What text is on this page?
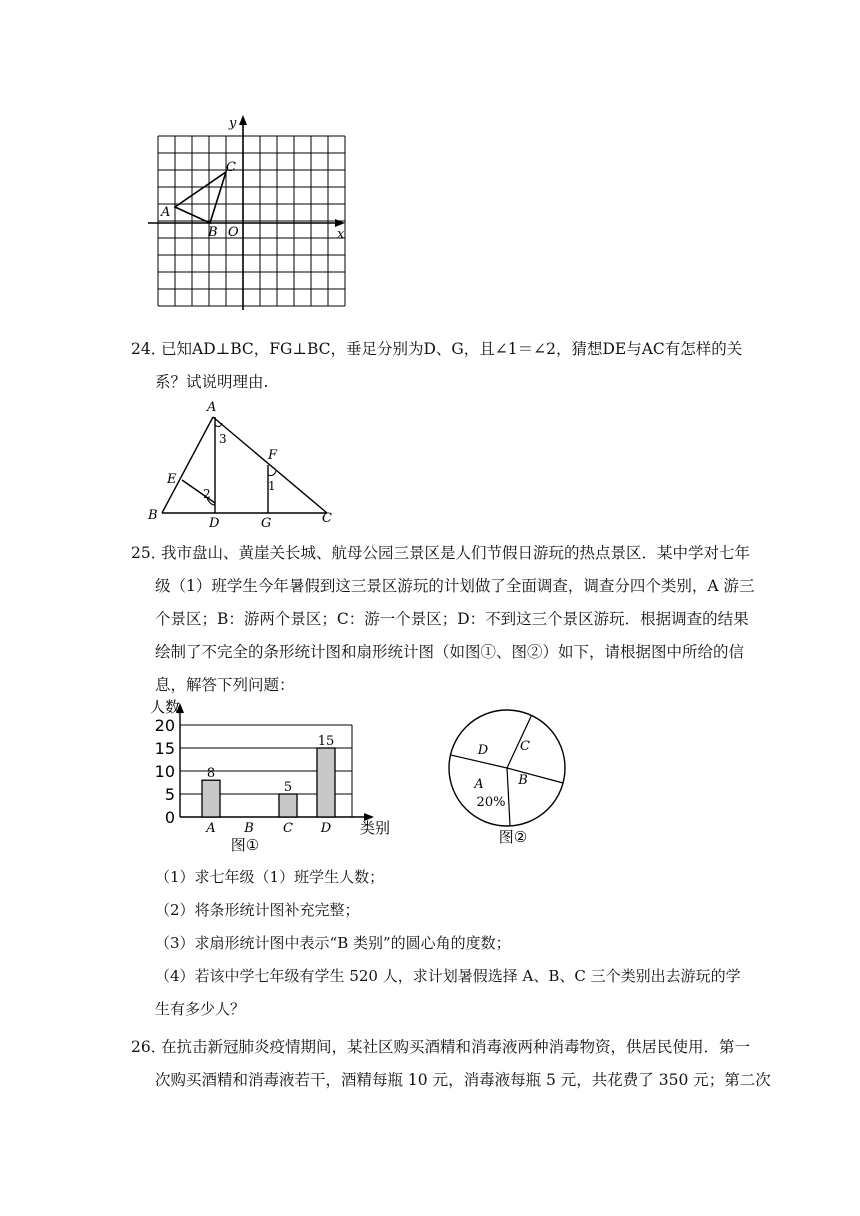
x
y
O
A
B
C
24．
已知AD⊥BC，FG⊥BC，垂足分别为D、G，且∠1＝∠2，猜想DE与AC有怎样的关
系？试说明理由.
A
B	C
D
E
F
G
1
2
3
25．
我市盘山、黄崖关长城、航母公园三景区是人们节假日游玩的热点景区．某中学对七年
级（1）班学生今年暑假到这三景区游玩的计划做了全面调查，调查分四个类别，A 游三
个景区；B：游两个景区；C：游一个景区；D：不到这三个景区游玩．根据调查的结果
绘制了不完全的条形统计图和扇形统计图（如图①、图②）如下，请根据图中所给的信
息，解答下列问题：
0
5
10
15
20
人数
类别
A
8
B C
5
D
15
图①
A
20%
B
C
D
图②
（1）求七年级（1）班学生人数；
（2）将条形统计图补充完整；
（3）求扇形统计图中表示“B 类别”的圆心角的度数；
（4）若该中学七年级有学生 520 人，求计划暑假选择 A、B、C 三个类别出去游玩的学
生有多少人？
26．
在抗击新冠肺炎疫情期间，某社区购买酒精和消毒液两种消毒物资，供居民使用．第一
次购买酒精和消毒液若干，酒精每瓶 10 元，消毒液每瓶 5 元，共花费了 350 元；第二次
